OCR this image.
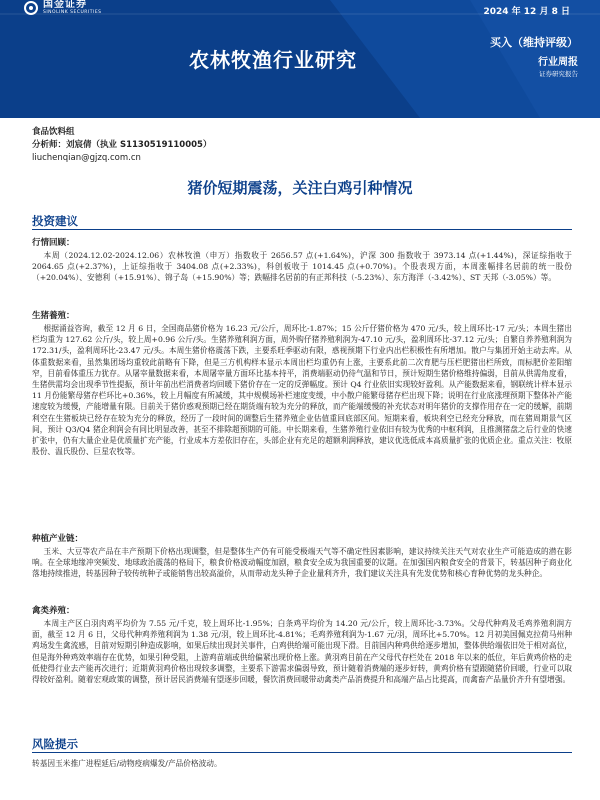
国金证券
SINOLINK SECURITIES	2024 年 12 月 8 日
农林牧渔行业研究
买入（维持评级）
行业周报
证券研究报告
食品饮料组
分析师：刘宸倩（执业 S1130519110005）
liuchenqian@gjzq.com.cn
猪价短期震荡，关注白鸡引种情况
投资建议
行情回顾：
本周（2024.12.02-2024.12.06）农林牧渔（申万）指数收于 2656.57 点(+1.64%)，沪深 300 指数收于 3973.14 点(+1.44%)，深证综指收于 2064.65 点(+2.37%)，上证综指收于 3404.08 点(+2.33%)，科创板收于 1014.45 点(+0.70%)。个股表现方面，本周涨幅排名居前的统一股份（+20.04%）、安德利（+15.91%）、锦子岛（+15.90%）等；跌幅排名居前的有正邦科技（-5.23%）、东方海洋（-3.42%）、ST 天邦（-3.05%）等。
生猪養殖：
根据涌益咨询，截至 12 月 6 日，全国商品猪价格为 16.23 元/公斤，周环比-1.87%；15 公斤仔猪价格为 470 元/头，较上周环比-17 元/头；本周生猪出栏均重为 127.62 公斤/头，较上周+0.96 公斤/头。生猪养殖利润方面，周外购仔猪养殖利润为-47.10 元/头，盈利周环比-37.12 元/头；自繁自养养殖利润为 172.31/头，盈利周环比-23.47 元/头。本周生猪价格震荡下跌，主要系旺季驱动有限，惑视预期下行业内出栏积极性有所增加。散户与集团开始主动去库。从体重数据来看，虽然集团场均重较此前略有下降，但是三方机构样本显示本周出栏均重仍有上涨，主要系此前二次育肥与压栏肥猪出栏所致，而标肥价差阳缩窄，目前看体重压力犹存。从屠宰量数据来看，本周屠宰量方面环比基本持平，消费端驱动仍待气温和节日，预计短期生猪价格维持偏弱，目前从供需角度看，生猪供需均会出现季节性提振，预计年前出栏消费者均回暖下猪价存在一定的反弹幅度。预计 Q4 行业依旧实现较好盈利。从产能数据来看，钢联统计样本显示 11 月份能繁母猪存栏环比+0.36%，较上月幅度有所减缓，其中规模场补栏速度变缓，中小散户能繁母猪存栏出现下降；说明在行业底涨理预期下整体补产能速度较为缓慢，产能增量有限。目前关于猪价惑观预期已经在期货端有较为充分的释放，而产能端缓慢的补充状态对明年猪价的支撑作用存在一定的缓解，前期利空在生猪板块已经存在较为充分的释放，经历了一段时间的调整后生猪养殖企业估值重回底部区间。短期来看，板块利空已经充分释放，而在猪周期景气区间，预计 Q3/Q4 猪企利润会有同比明显改善，甚至不排除超预期的可能。中长期来看，生猪养殖行业依旧有较为优秀的中枢利润，且推测猪盘之后行业的快速扩张中，仍有大量企业是优质量扩充产能，行业成本方差依旧存在，头部企业有充足的超额利润释放，建议优选低成本高质量扩张的优质企业。重点关注：牧原股份、温氏股份、巨星农牧等。
种植产业链：
玉米、大豆等农产品在丰产预期下价格出现调整，但是整体生产仍有可能受极端天气等不确定性因素影响，建议持续关注天气对农业生产可能造成的潜在影响。在全球地缘冲突频发、地球政治震荡的格局下，粮食价格波动幅度加剧，粮食安全成为我国重要的议题。在加强国内粮食安全的背景下，转基因种子商业化落地持续推进，转基因种子较传统种子或能销售出较高溢价，从而带动龙头种子企业量利齐升，我们建议关注具有先发优势和核心育种优势的龙头种企。
禽类养殖：
本周主产区白羽肉鸡平均价为 7.55 元/千克，较上周环比-1.95%；白条鸡平均价为 14.20 元/公斤，较上周环比-3.73%。父母代种鸡及毛鸡养殖利润方面，截至 12 月 6 日，父母代种鸡养殖利润为 1.38 元/羽，较上周环比-4.81%；毛鸡养殖利润为-1.67 元/羽，周环比+5.70%。12 月初美国佩克拉荷马州种鸡场发生禽流感，目前对短期引种造成影响，如果后续出现封关事件，白鸡供给端可能出现下滑。目前国内种鸡供给逐步增加，整体供给端依旧处于相对高位，但是海外种鸡效率端存在优势，如果引种受阻，上游鸡苗端或供给偏紧出现价格上涨。黄羽鸡目前在产父母代存栏处在 2018 年以来的低位，年后黄鸡价格的走低使得行业去产能再次进行；近期黄羽鸡价格出现较多调整，主要系下游需求偏弱导致，预计随着消费端的逐步好转，黄鸡价格有望跟随猪价回暖，行业可以取得较好盈利。随着宏观政策的调整，预计居民消费端有望逐步回暖，餐饮消费回暖带动禽类产品消费提升和高端产品占比提高，而禽畜产品量价齐升有望增强。
风险提示
转基因玉米推广进程延后/动物疫病爆发/产品价格波动。
